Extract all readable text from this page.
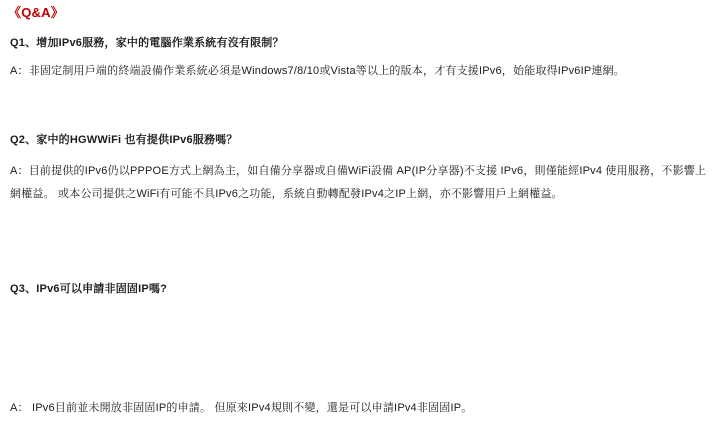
《Q&A》
Q1、增加IPv6服務，家中的電腦作業系統有沒有限制？
A：非固定制用戶端的終端設備作業系統必須是Windows7/8/10或Vista等以上的版本，才有支援IPv6，始能取得IPv6IP連網。
Q2、家中的HGWWiFi 也有提供IPv6服務嗎？
A：目前提供的IPv6仍以PPPOE方式上網為主，如自備分享器或自備WiFi設備 AP(IP分享器)不支援 IPv6，則僅能經IPv4 使用服務，不影響上網權益。 或本公司提供之WiFi有可能不具IPv6之功能，系統自動轉配發IPv4之IP上網，亦不影響用戶上網權益。
Q3、IPv6可以申請非固固IP嗎?
A： IPv6目前並未開放非固固IP的申請。 但原來IPv4規則不變，還是可以申請IPv4非固固IP。
